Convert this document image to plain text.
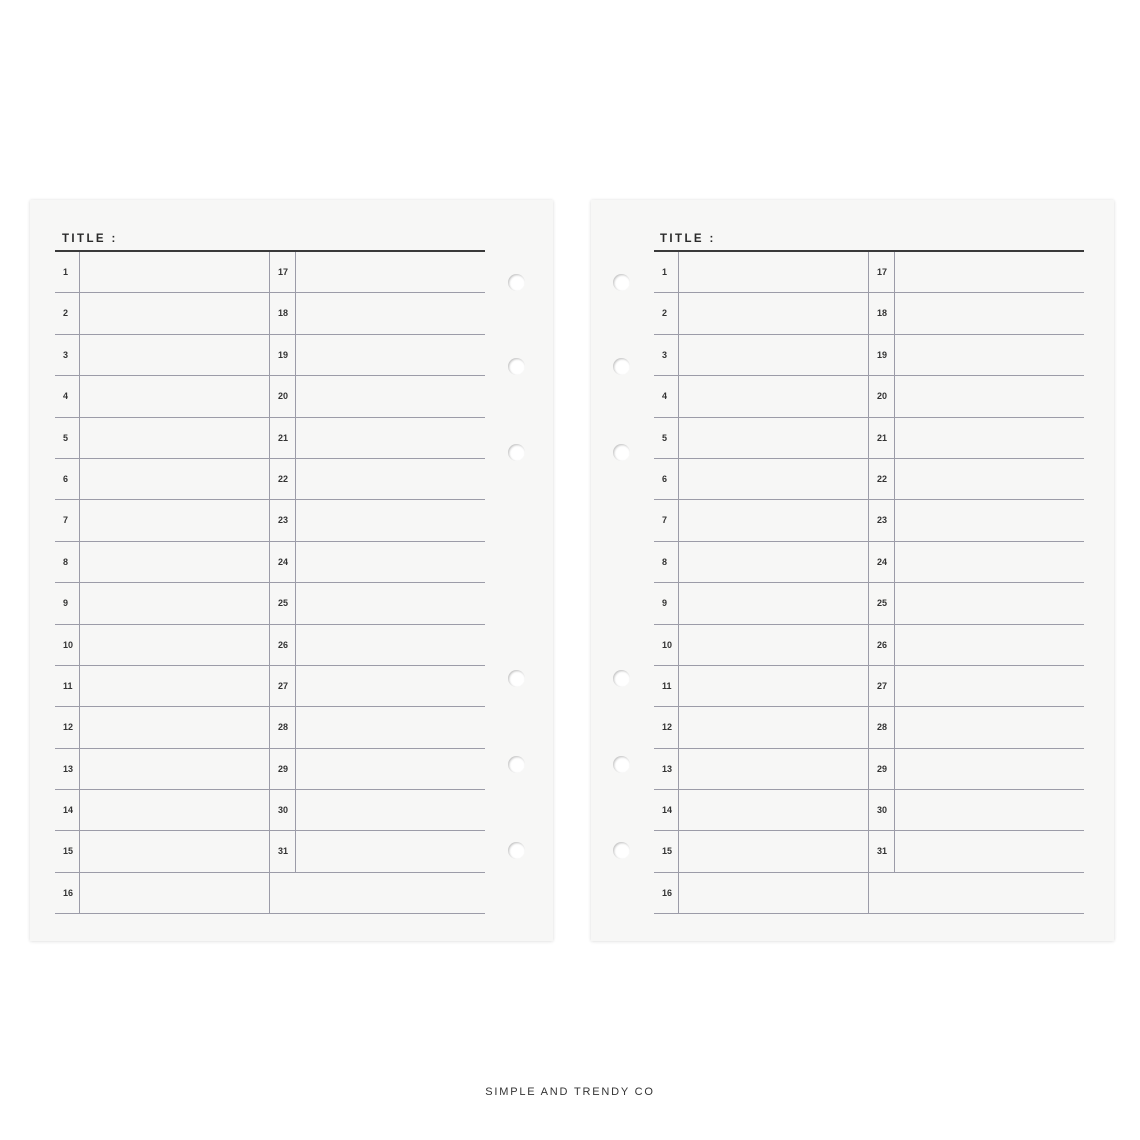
TITLE :
1	17
2	18
3	19
4	20
5	21
6	22
7	23
8	24
9	25
10	26
11	27
12	28
13	29
14	30
15	31
16
TITLE :
1	17
2	18
3	19
4	20
5	21
6	22
7	23
8	24
9	25
10	26
11	27
12	28
13	29
14	30
15	31
16
SIMPLE AND TRENDY CO
